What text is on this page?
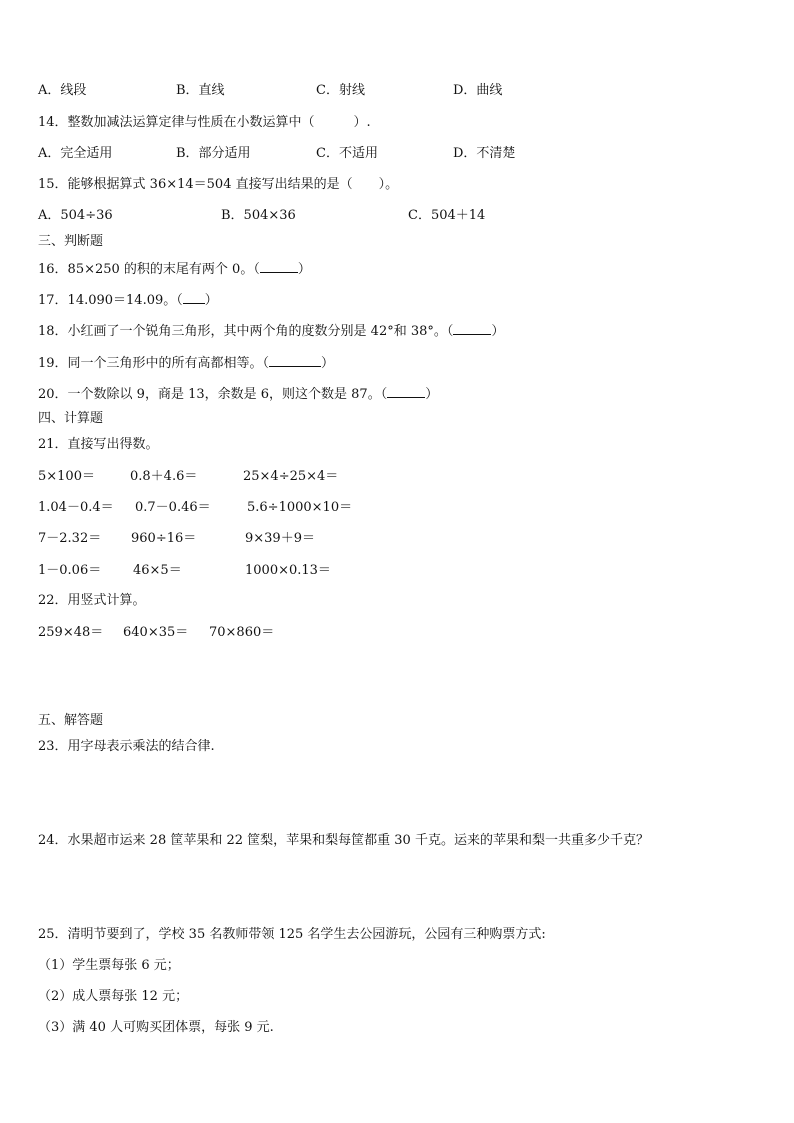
A．线段	B．直线	C．射线	D．曲线
14．整数加减法运算定律与性质在小数运算中（　　　）.
A．完全适用	B．部分适用	C．不适用	D．不清楚
15．能够根据算式 36×14＝504 直接写出结果的是（　　）。
A．504÷36	B．504×36	C．504＋14
三、判断题
16．85×250 的积的末尾有两个 0。（	）
17．14.090＝14.09。（ ）
18．小红画了一个锐角三角形，其中两个角的度数分别是 42°和 38°。（	）
19．同一个三角形中的所有高都相等。（	）
20．一个数除以 9，商是 13，余数是 6，则这个数是 87。（	）
四、计算题
21．直接写出得数。
5×100＝	0.8＋4.6＝	25×4÷25×4＝
1.04－0.4＝ 0.7－0.46＝	5.6÷1000×10＝
7－2.32＝ 960÷16＝	9×39＋9＝
1－0.06＝ 46×5＝	1000×0.13＝
22．用竖式计算。
259×48＝ 640×35＝ 70×860＝
五、解答题
23．用字母表示乘法的结合律.
24．水果超市运来 28 筐苹果和 22 筐梨，苹果和梨每筐都重 30 千克。运来的苹果和梨一共重多少千克？
25．清明节要到了，学校 35 名教师带领 125 名学生去公园游玩，公园有三种购票方式:
（1）学生票每张 6 元；
（2）成人票每张 12 元；
（3）满 40 人可购买团体票，每张 9 元.
